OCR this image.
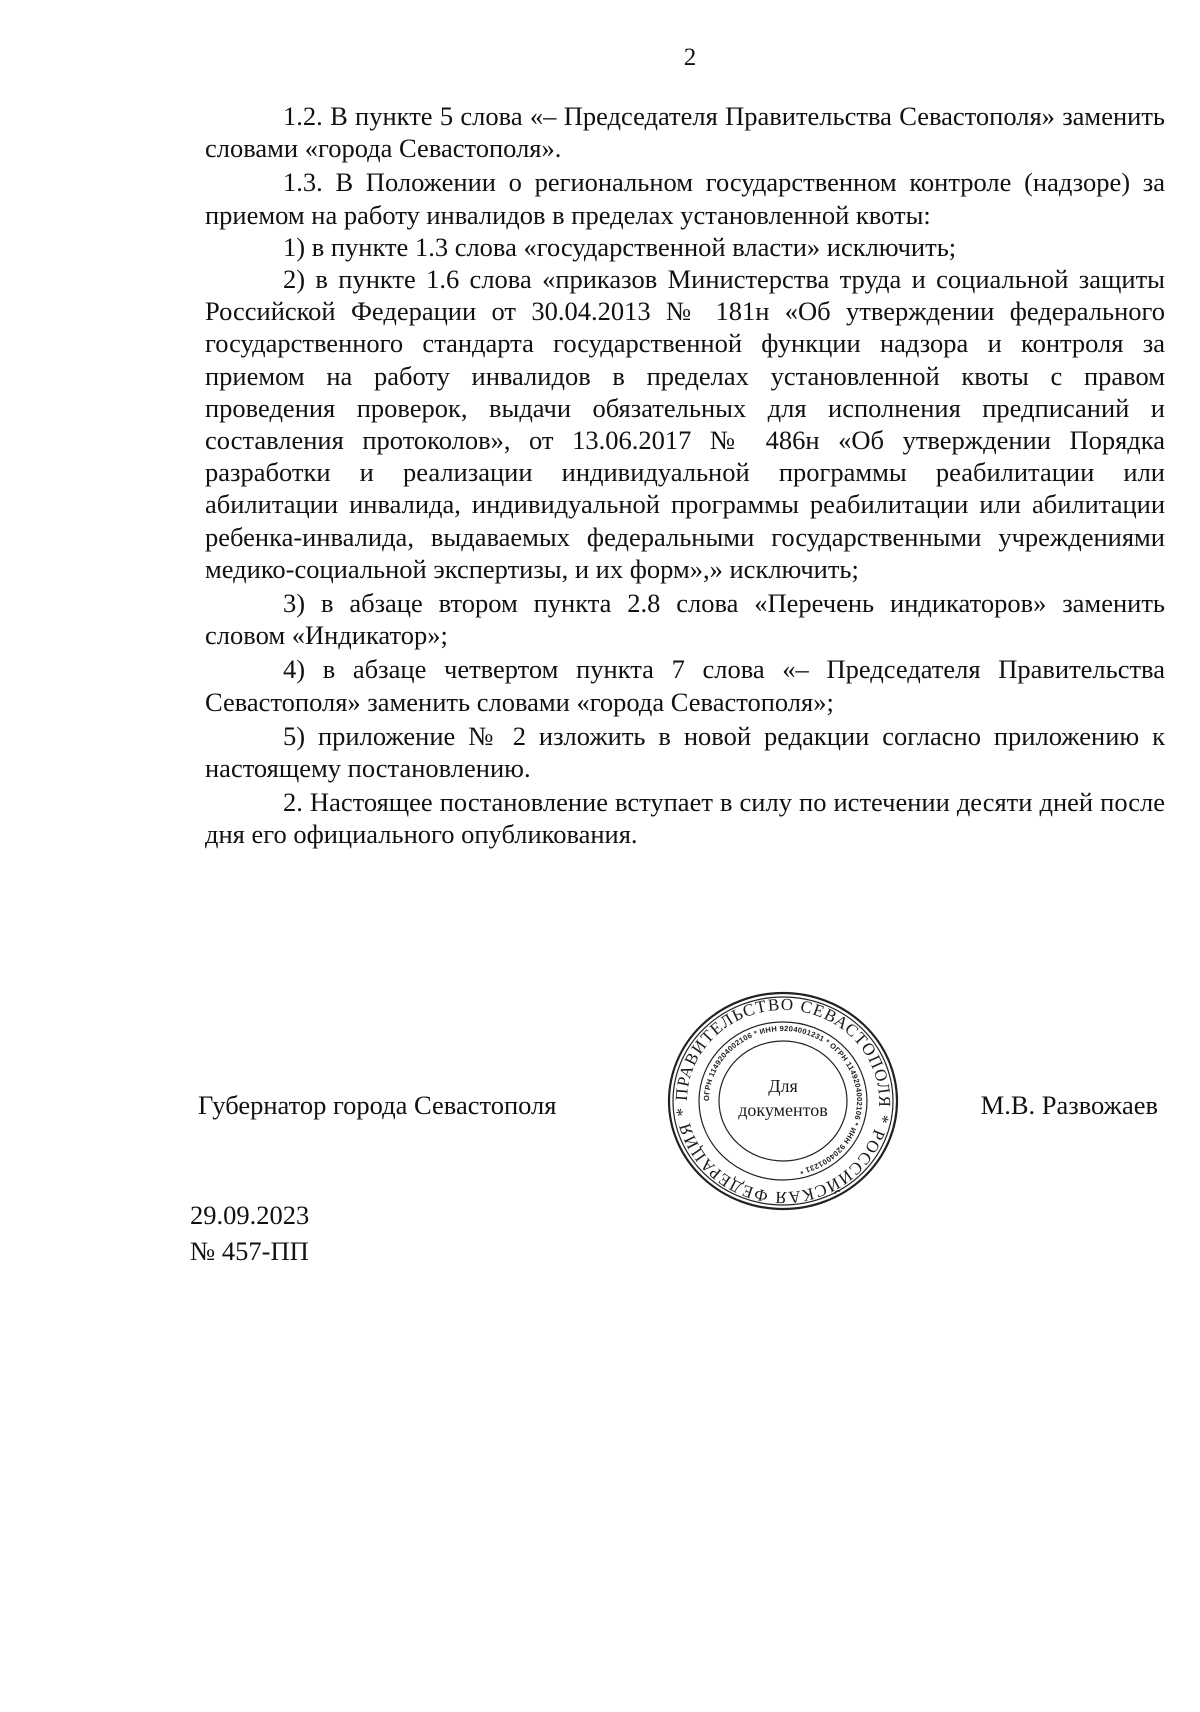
2

1.2. В пункте 5 слова «– Председателя Правительства Севастополя» заменить словами «города Севастополя».

1.3. В Положении о региональном государственном контроле (надзоре) за приемом на работу инвалидов в пределах установленной квоты:

1) в пункте 1.3 слова «государственной власти» исключить;

2) в пункте 1.6 слова «приказов Министерства труда и социальной защиты Российской Федерации от 30.04.2013 № 181н «Об утверждении федерального государственного стандарта государственной функции надзора и контроля за приемом на работу инвалидов в пределах установленной квоты с правом проведения проверок, выдачи обязательных для исполнения предписаний и составления протоколов», от 13.06.2017 № 486н «Об утверждении Порядка разработки и реализации индивидуальной программы реабилитации или абилитации инвалида, индивидуальной программы реабилитации или абилитации ребенка-инвалида, выдаваемых федеральными государственными учреждениями медико-социальной экспертизы, и их форм»,» исключить;

3) в абзаце втором пункта 2.8 слова «Перечень индикаторов» заменить словом «Индикатор»;

4) в абзаце четвертом пункта 7 слова «– Председателя Правительства Севастополя» заменить словами «города Севастополя»;

5) приложение № 2 изложить в новой редакции согласно приложению к настоящему постановлению.

2. Настоящее постановление вступает в силу по истечении десяти дней после дня его официального опубликования.

Губернатор города Севастополя	М.В. Развожаев
ПРАВИТЕЛЬСТВО СЕВАСТОПОЛЯ * РОССИЙСКАЯ ФЕДЕРАЦИЯ *
ОГРН 1149204002106 * ИНН 9204001231 * ОГРН 1149204002106 * ИНН 9204001231 *
Для
документов
29.09.2023
№ 457-ПП
